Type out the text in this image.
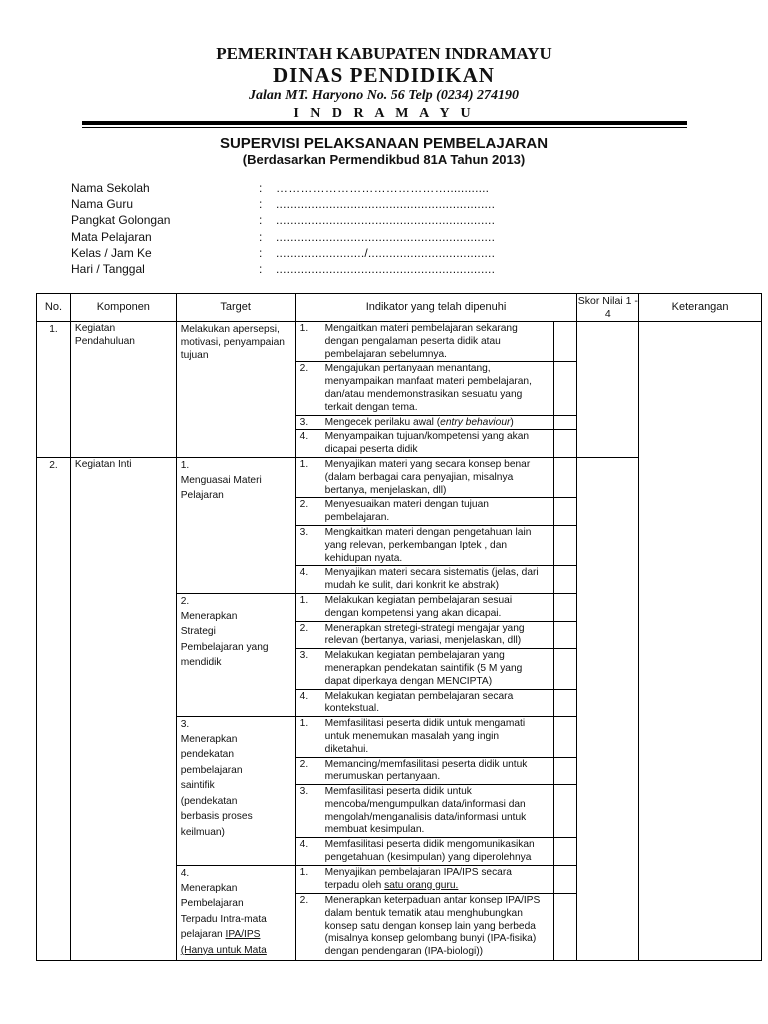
PEMERINTAH KABUPATEN INDRAMAYU
DINAS PENDIDIKAN
Jalan MT. Haryono No. 56 Telp (0234) 274190
I N D R A M A Y U
SUPERVISI PELAKSANAAN PEMBELAJARAN
(Berdasarkan Permendikbud 81A Tahun 2013)
Nama Sekolah	: ……………………………………............
Nama Guru	: ..............................................................
Pangkat Golongan	: ..............................................................
Mata Pelajaran	: ..............................................................
Kelas / Jam Ke	: ........................./....................................
Hari / Tanggal	: ..............................................................
No.	Komponen	Target	Indikator yang telah dipenuhi		Skor Nilai 1 - 4	Keterangan
1.	Kegiatan Pendahuluan	Melakukan apersepsi, motivasi, penyampaian tujuan	1. Mengaitkan materi pembelajaran sekarang dengan pengalaman peserta didik atau pembelajaran sebelumnya.			
			2. Mengajukan pertanyaan menantang, menyampaikan manfaat materi pembelajaran, dan/atau mendemonstrasikan sesuatu yang terkait dengan tema.			
			3. Mengecek perilaku awal (entry behaviour)			
			4. Menyampaikan tujuan/kompetensi yang akan dicapai peserta didik			
2.	Kegiatan Inti	1.Menguasai Materi Pelajaran	1. Menyajikan materi yang secara konsep benar (dalam berbagai cara penyajian, misalnya bertanya, menjelaskan, dll)			
			2. Menyesuaikan materi dengan tujuan pembelajaran.			
			3. Mengkaitkan materi dengan pengetahuan lain yang relevan, perkembangan Iptek , dan kehidupan nyata.			
			4. Menyajikan materi secara sistematis (jelas, dari mudah ke sulit, dari konkrit ke abstrak)			
		2.Menerapkan Strategi Pembelajaran yang mendidik	1. Melakukan kegiatan pembelajaran sesuai dengan kompetensi yang akan dicapai.			
			2. Menerapkan stretegi-strategi mengajar yang relevan (bertanya, variasi, menjelaskan, dll)			
			3. Melakukan kegiatan pembelajaran yang menerapkan pendekatan saintifik (5 M yang dapat diperkaya dengan MENCIPTA)			
			4. Melakukan kegiatan pembelajaran secara kontekstual.			
		3.Menerapkan pendekatan pembelajaran saintifik (pendekatan berbasis proses keilmuan)	1. Memfasilitasi peserta didik untuk mengamati untuk menemukan masalah yang ingin diketahui.			
			2. Memancing/memfasilitasi peserta didik untuk merumuskan pertanyaan.			
			3. Memfasilitasi peserta didik untuk mencoba/mengumpulkan data/informasi dan mengolah/menganalisis data/informasi untuk membuat kesimpulan.			
			4. Memfasilitasi peserta didik mengomunikasikan pengetahuan (kesimpulan) yang diperolehnya			
		4.Menerapkan Pembelajaran Terpadu Intra-mata pelajaran IPA/IPS (Hanya untuk Mata	1. Menyajikan pembelajaran IPA/IPS secara terpadu oleh satu orang guru.			
			2. Menerapkan keterpaduan antar konsep IPA/IPS dalam bentuk tematik atau menghubungkan konsep satu dengan konsep lain yang berbeda (misalnya konsep gelombang bunyi (IPA-fisika) dengan pendengaran (IPA-biologi))			
